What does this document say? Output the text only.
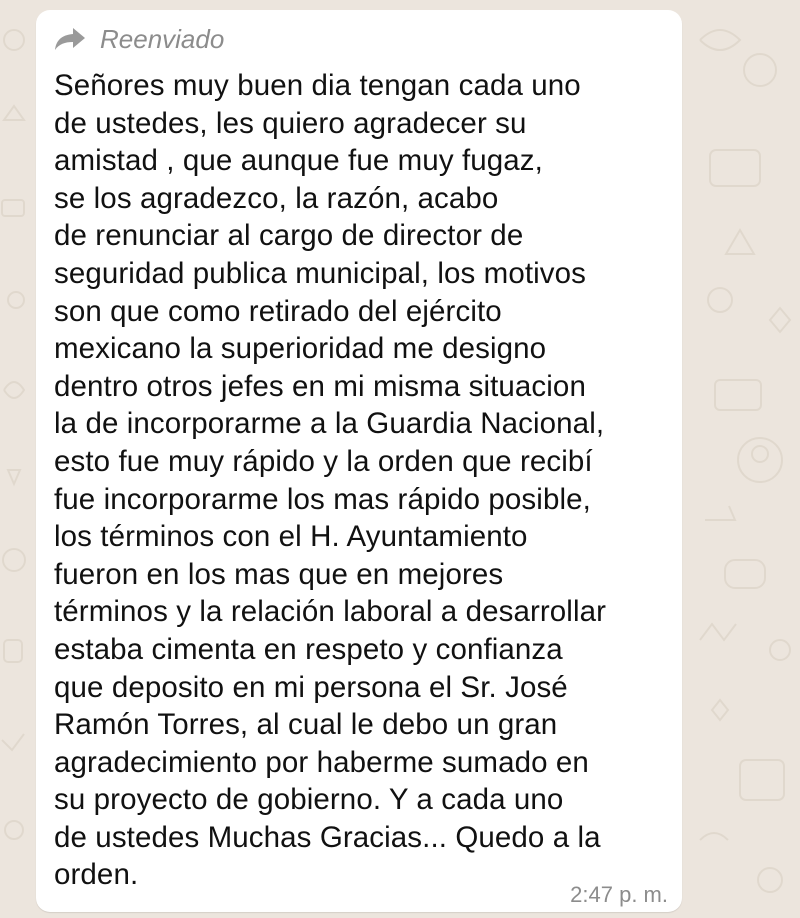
Reenviado

Señores muy buen dia tengan cada uno
de ustedes, les quiero agradecer su
amistad , que aunque fue muy fugaz,
se los agradezco, la razón, acabo
de renunciar al cargo de director de
seguridad publica municipal, los motivos
son que como retirado del ejército
mexicano la superioridad me designo
dentro otros jefes en mi misma situacion
la de incorporarme a la Guardia Nacional,
esto fue muy rápido y la orden que recibí
fue incorporarme los mas rápido posible,
los términos con el H. Ayuntamiento
fueron en los mas que en mejores
términos y la relación laboral a desarrollar
estaba cimenta en respeto y confianza
que deposito en mi persona el Sr. José
Ramón Torres, al cual le debo un gran
agradecimiento por haberme sumado en
su proyecto de gobierno. Y a cada uno
de ustedes Muchas Gracias... Quedo a la
orden.

2:47 p. m.
